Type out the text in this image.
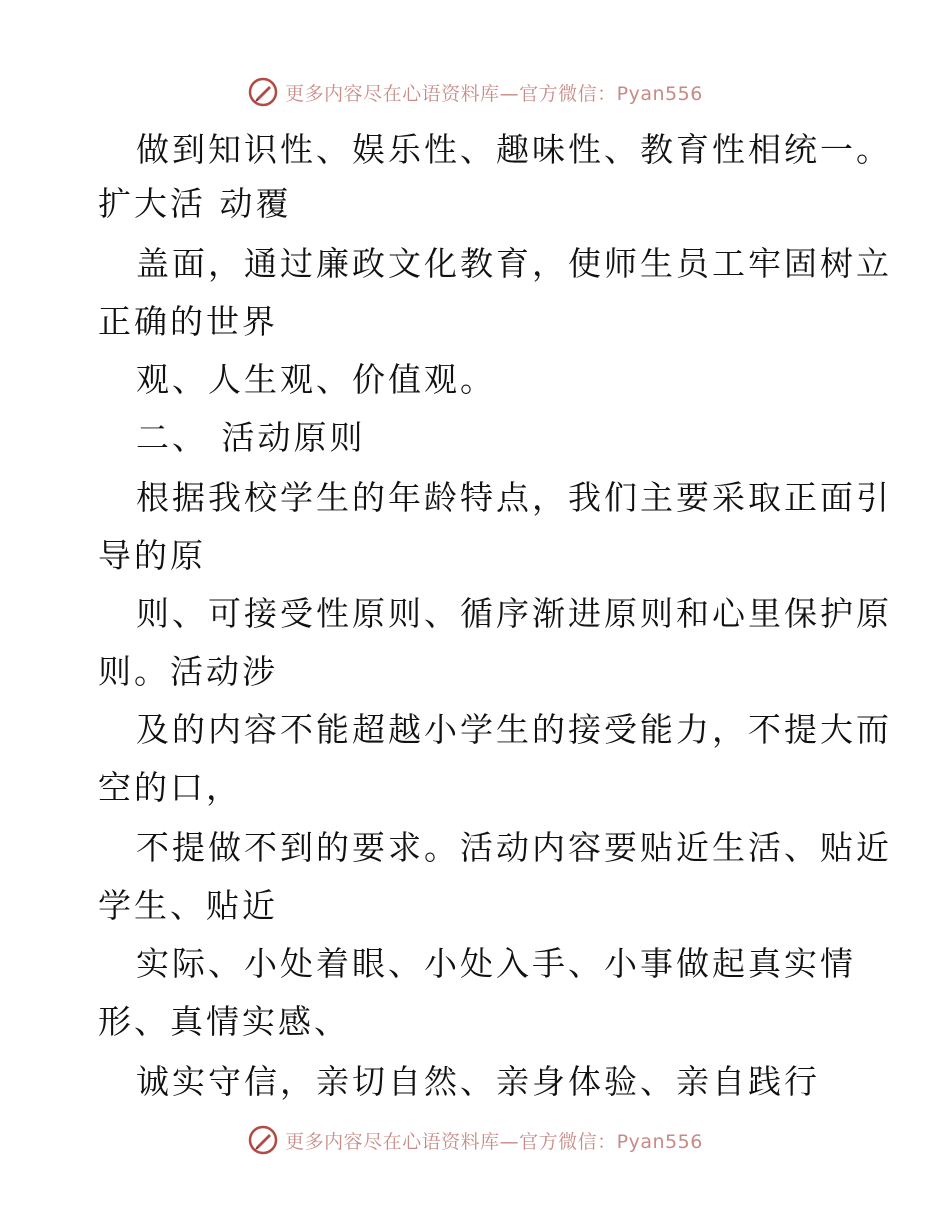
更多内容尽在心语资料库—官方微信：Pyan556
做到知识性、娱乐性、趣味性、教育性相统一。
扩大活 动覆
盖面，通过廉政文化教育，使师生员工牢固树立
正确的世界
观、人生观、价值观。
二、 活动原则
根据我校学生的年龄特点，我们主要采取正面引
导的原
则、可接受性原则、循序渐进原则和心里保护原
则。活动涉
及的内容不能超越小学生的接受能力，不提大而
空的口，
不提做不到的要求。活动内容要贴近生活、贴近
学生、贴近
实际、小处着眼、小处入手、小事做起真实情
形、真情实感、
诚实守信，亲切自然、亲身体验、亲自践行
更多内容尽在心语资料库—官方微信：Pyan556
